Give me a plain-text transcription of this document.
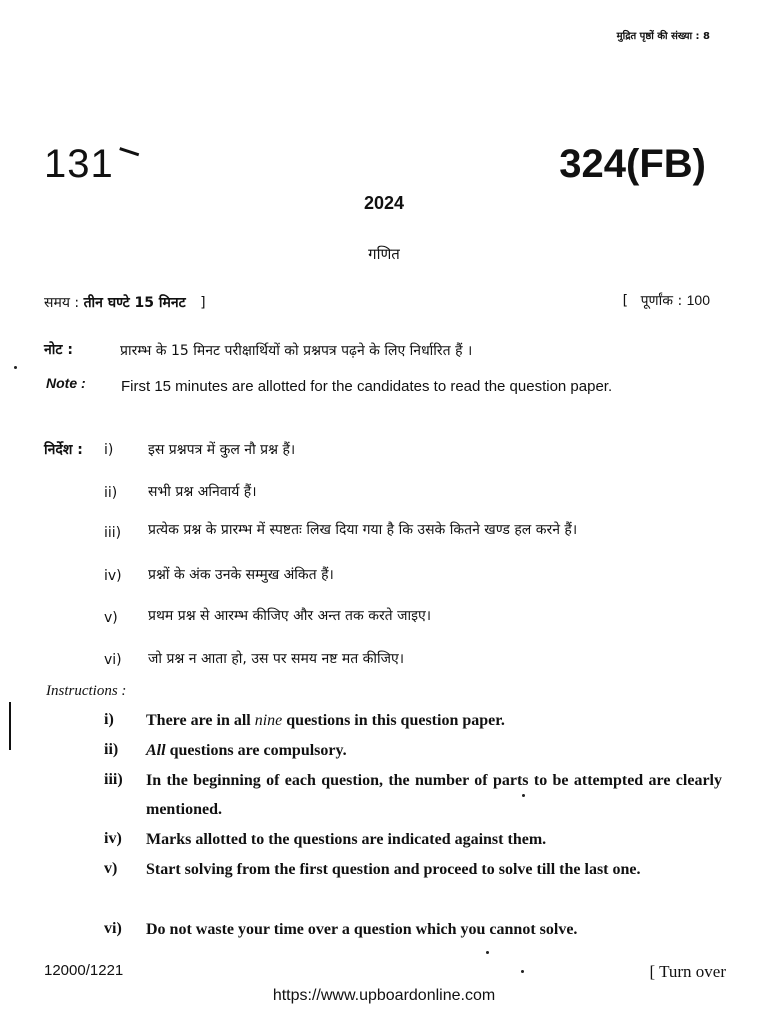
मुद्रित पृष्ठों की संख्या : 8
131	324(FB)
2024
गणित
समय : तीन घण्टे 15 मिनट ]	[ पूर्णांक : 100
नोट :	प्रारम्भ के 15 मिनट परीक्षार्थियों को प्रश्नपत्र पढ़ने के लिए निर्धारित हैं ।
Note : First 15 minutes are allotted for the candidates to read the question paper.
निर्देश : i)	इस प्रश्नपत्र में कुल नौ प्रश्न हैं।
ii)	सभी प्रश्न अनिवार्य हैं।
iii)	प्रत्येक प्रश्न के प्रारम्भ में स्पष्टतः लिख दिया गया है कि उसके कितने खण्ड हल करने हैं।
iv)	प्रश्नों के अंक उनके सम्मुख अंकित हैं।
v)	प्रथम प्रश्न से आरम्भ कीजिए और अन्त तक करते जाइए।
vi)	जो प्रश्न न आता हो, उस पर समय नष्ट मत कीजिए।
Instructions :
i) There are in all nine questions in this question paper.
ii) All questions are compulsory.
iii) In the beginning of each question, the number of parts to be attempted are clearly mentioned.
iv) Marks allotted to the questions are indicated against them.
v) Start solving from the first question and proceed to solve till the last one.
vi) Do not waste your time over a question which you cannot solve.
12000/1221	[ Turn over
https://www.upboardonline.com
